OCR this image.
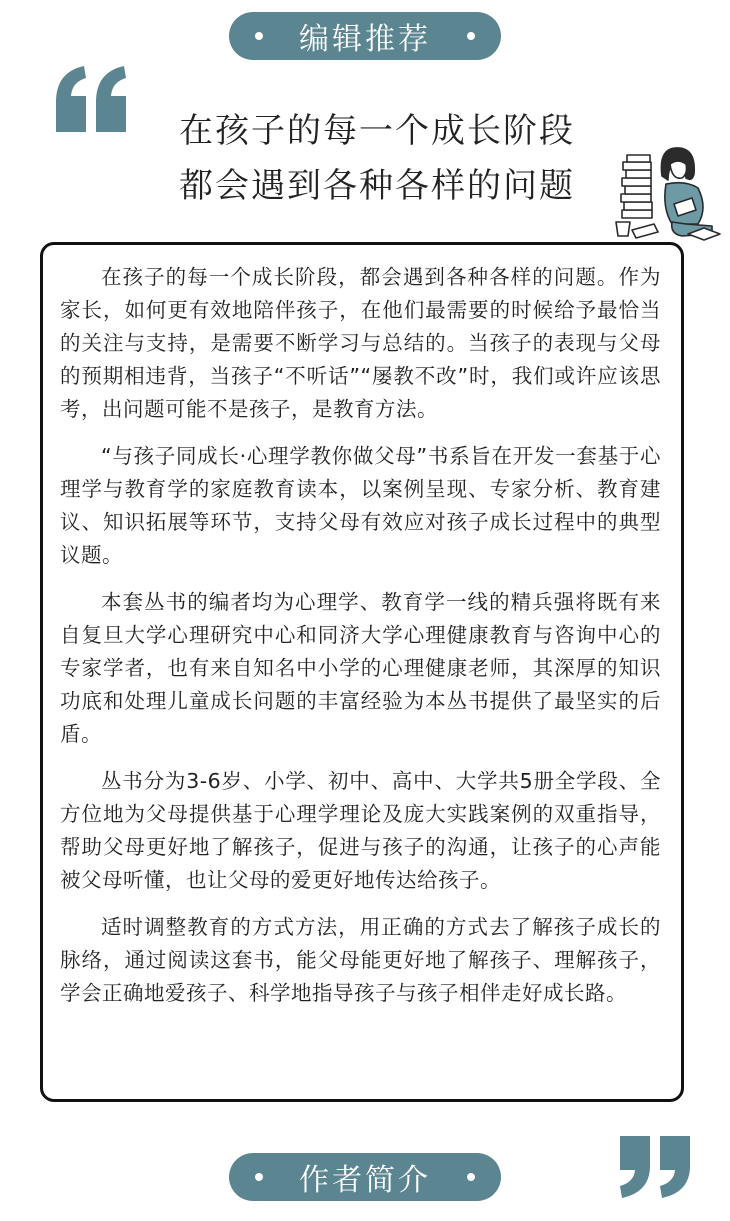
编辑推荐
在孩子的每一个成长阶段
都会遇到各种各样的问题

在孩子的每一个成长阶段，都会遇到各种各样的问题。作为家长，如何更有效地陪伴孩子，在他们最需要的时候给予最恰当的关注与支持，是需要不断学习与总结的。当孩子的表现与父母的预期相违背，当孩子“不听话”“屡教不改”时，我们或许应该思考，出问题可能不是孩子，是教育方法。

“与孩子同成长·心理学教你做父母”书系旨在开发一套基于心理学与教育学的家庭教育读本，以案例呈现、专家分析、教育建议、知识拓展等环节，支持父母有效应对孩子成长过程中的典型议题。

本套丛书的编者均为心理学、教育学一线的精兵强将既有来自复旦大学心理研究中心和同济大学心理健康教育与咨询中心的专家学者，也有来自知名中小学的心理健康老师，其深厚的知识功底和处理儿童成长问题的丰富经验为本丛书提供了最坚实的后盾。

丛书分为3-6岁、小学、初中、高中、大学共5册全学段、全方位地为父母提供基于心理学理论及庞大实践案例的双重指导，帮助父母更好地了解孩子，促进与孩子的沟通，让孩子的心声能被父母听懂，也让父母的爱更好地传达给孩子。

适时调整教育的方式方法，用正确的方式去了解孩子成长的脉络，通过阅读这套书，能父母能更好地了解孩子、理解孩子，学会正确地爱孩子、科学地指导孩子与孩子相伴走好成长路。

作者简介
